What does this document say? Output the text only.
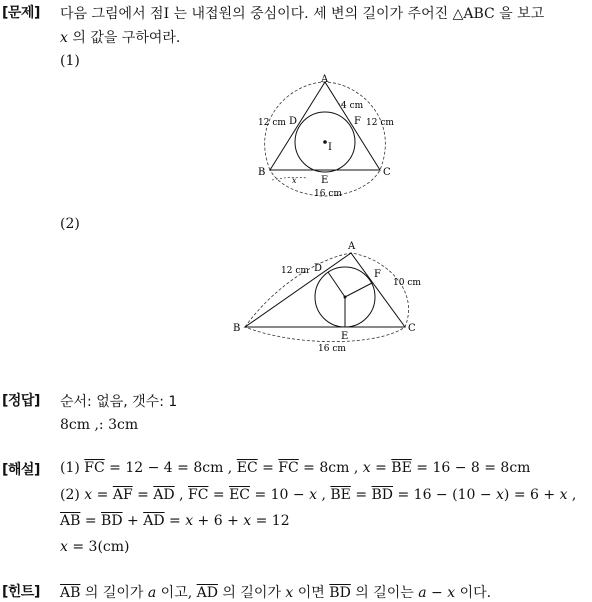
[문제] 다음 그림에서 점I 는 내접원의 중심이다. 세 변의 길이가 주어진 △ABC 을 보고
x 의 값을 구하여라.
(1)
A
B	C
D
E
F
I
12 cm	12 cm
4 cm
16 cm
x
(2)
A
B	C
D
E
F
12 cm
10 cm
16 cm
[정답] 순서: 없음, 갯수: 1
8cm ,: 3cm
[해설] (1) $\overline{FC} = 12 - 4 = 8cm$ , $\overline{EC} = \overline{FC} = 8cm$ , $x = \overline{BE} = 16 - 8 = 8cm$
(2) $x = \overline{AF} = \overline{AD}$ , $\overline{FC} = \overline{EC} = 10 - x$ , $\overline{BE} = \overline{BD} = 16 - (10 - x) = 6 + x$ ,
$\overline{AB} = \overline{BD} + \overline{AD} = x + 6 + x = 12$
x = 3(cm)
[힌트] $\overline{AB}$ 의 길이가 a 이고, $\overline{AD}$ 의 길이가 x 이면 $\overline{BD}$ 의 길이는 a − x 이다.
